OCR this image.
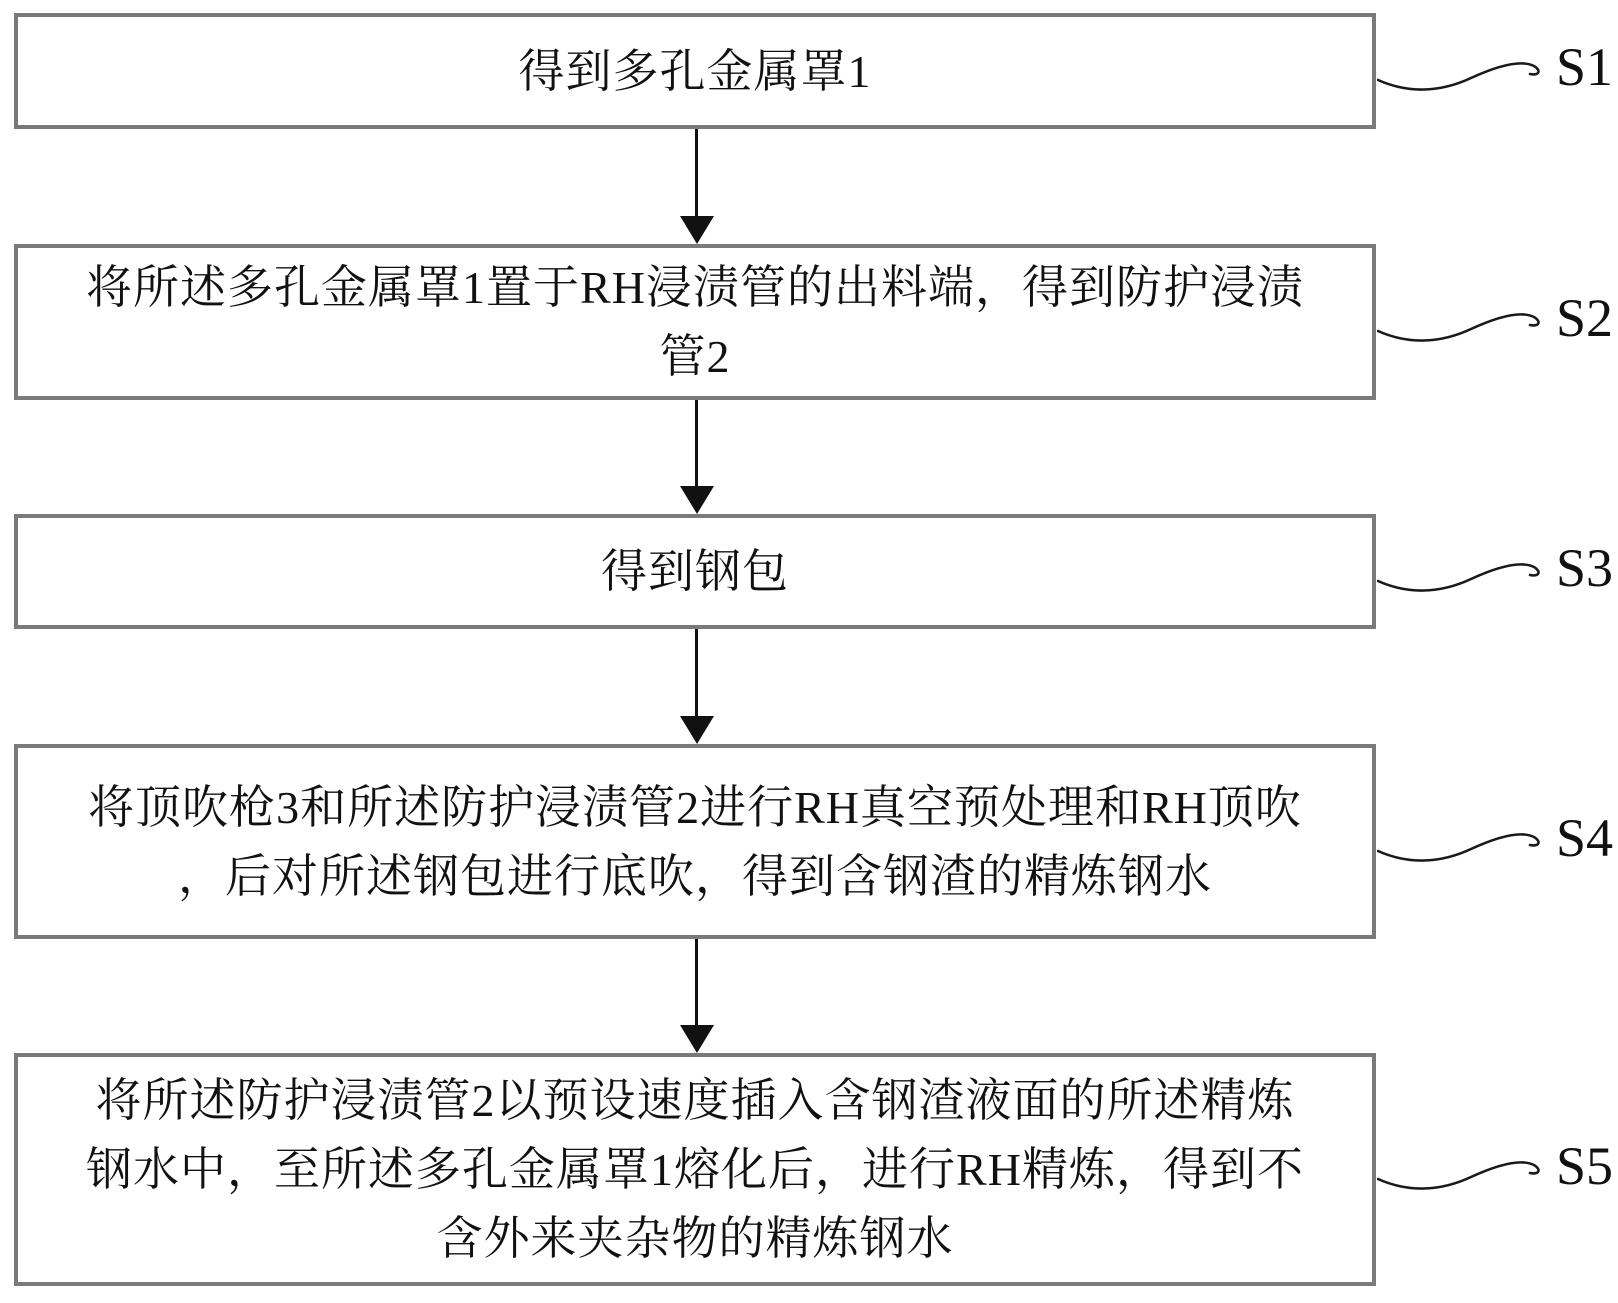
得到多孔金属罩1	S1
将所述多孔金属罩1置于RH浸渍管的出料端，得到防护浸渍
管2
S2
得到钢包	S3
将顶吹枪3和所述防护浸渍管2进行RH真空预处理和RH顶吹
，后对所述钢包进行底吹，得到含钢渣的精炼钢水
S4
将所述防护浸渍管2以预设速度插入含钢渣液面的所述精炼
钢水中，至所述多孔金属罩1熔化后，进行RH精炼，得到不
含外来夹杂物的精炼钢水
S5
